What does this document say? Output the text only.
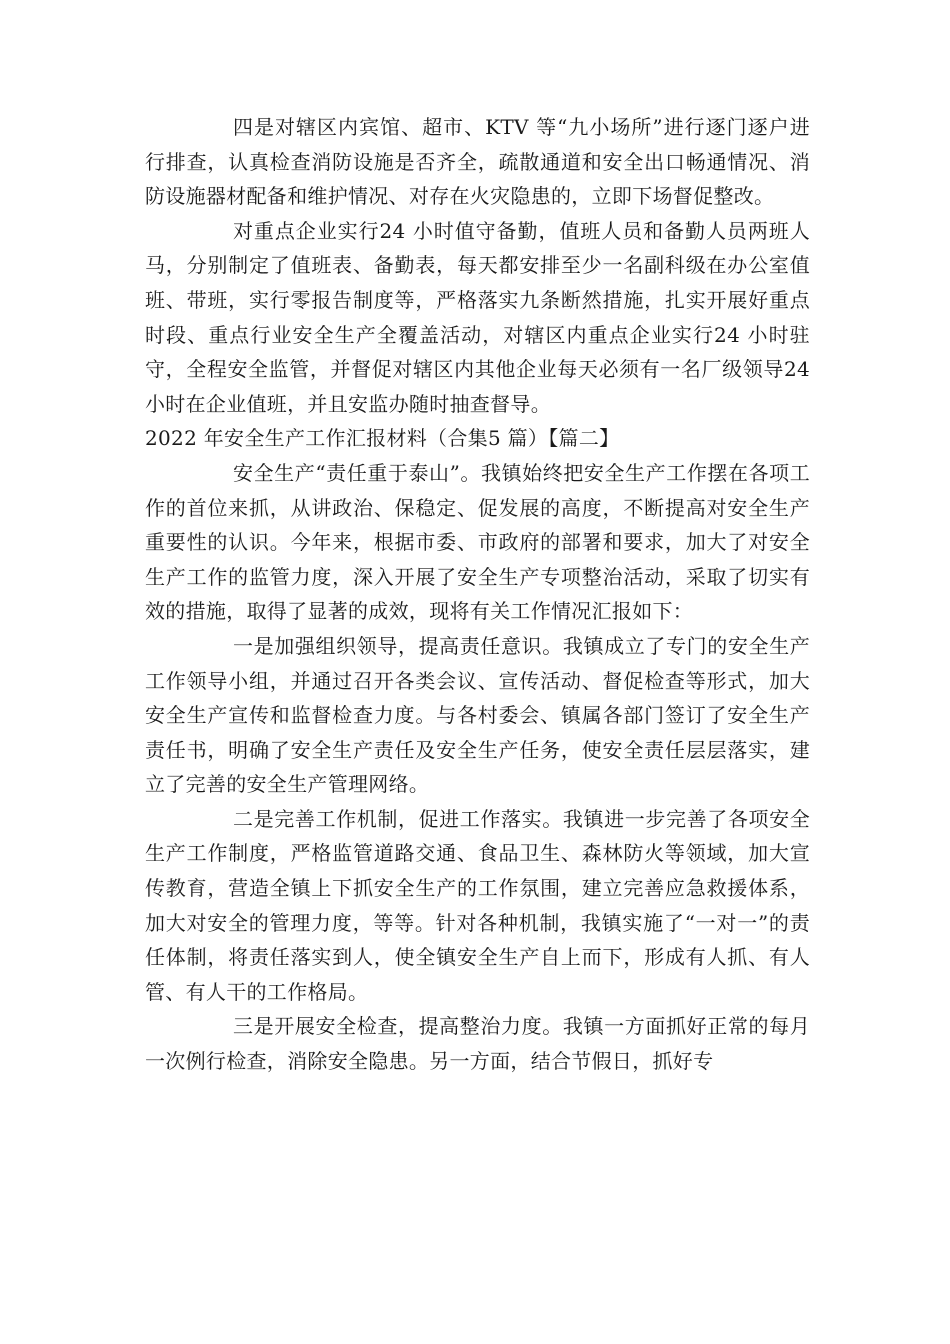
四是对辖区内宾馆、超市、KTV 等“九小场所”进行逐门逐户进行排查，认真检查消防设施是否齐全，疏散通道和安全出口畅通情况、消防设施器材配备和维护情况、对存在火灾隐患的，立即下场督促整改。

对重点企业实行24 小时值守备勤，值班人员和备勤人员两班人马，分别制定了值班表、备勤表，每天都安排至少一名副科级在办公室值班、带班，实行零报告制度等，严格落实九条断然措施，扎实开展好重点时段、重点行业安全生产全覆盖活动，对辖区内重点企业实行24 小时驻守，全程安全监管，并督促对辖区内其他企业每天必须有一名厂级领导24 小时在企业值班，并且安监办随时抽查督导。

2022 年安全生产工作汇报材料（合集5 篇）【篇二】

安全生产“责任重于泰山”。我镇始终把安全生产工作摆在各项工作的首位来抓，从讲政治、保稳定、促发展的高度，不断提高对安全生产重要性的认识。今年来，根据市委、市政府的部署和要求，加大了对安全生产工作的监管力度，深入开展了安全生产专项整治活动，采取了切实有效的措施，取得了显著的成效，现将有关工作情况汇报如下：

一是加强组织领导，提高责任意识。我镇成立了专门的安全生产工作领导小组，并通过召开各类会议、宣传活动、督促检查等形式，加大安全生产宣传和监督检查力度。与各村委会、镇属各部门签订了安全生产责任书，明确了安全生产责任及安全生产任务，使安全责任层层落实，建立了完善的安全生产管理网络。

二是完善工作机制，促进工作落实。我镇进一步完善了各项安全生产工作制度，严格监管道路交通、食品卫生、森林防火等领域，加大宣传教育，营造全镇上下抓安全生产的工作氛围，建立完善应急救援体系，加大对安全的管理力度，等等。针对各种机制，我镇实施了“一对一”的责任体制，将责任落实到人，使全镇安全生产自上而下，形成有人抓、有人管、有人干的工作格局。

三是开展安全检查，提高整治力度。我镇一方面抓好正常的每月一次例行检查，消除安全隐患。另一方面，结合节假日，抓好专
